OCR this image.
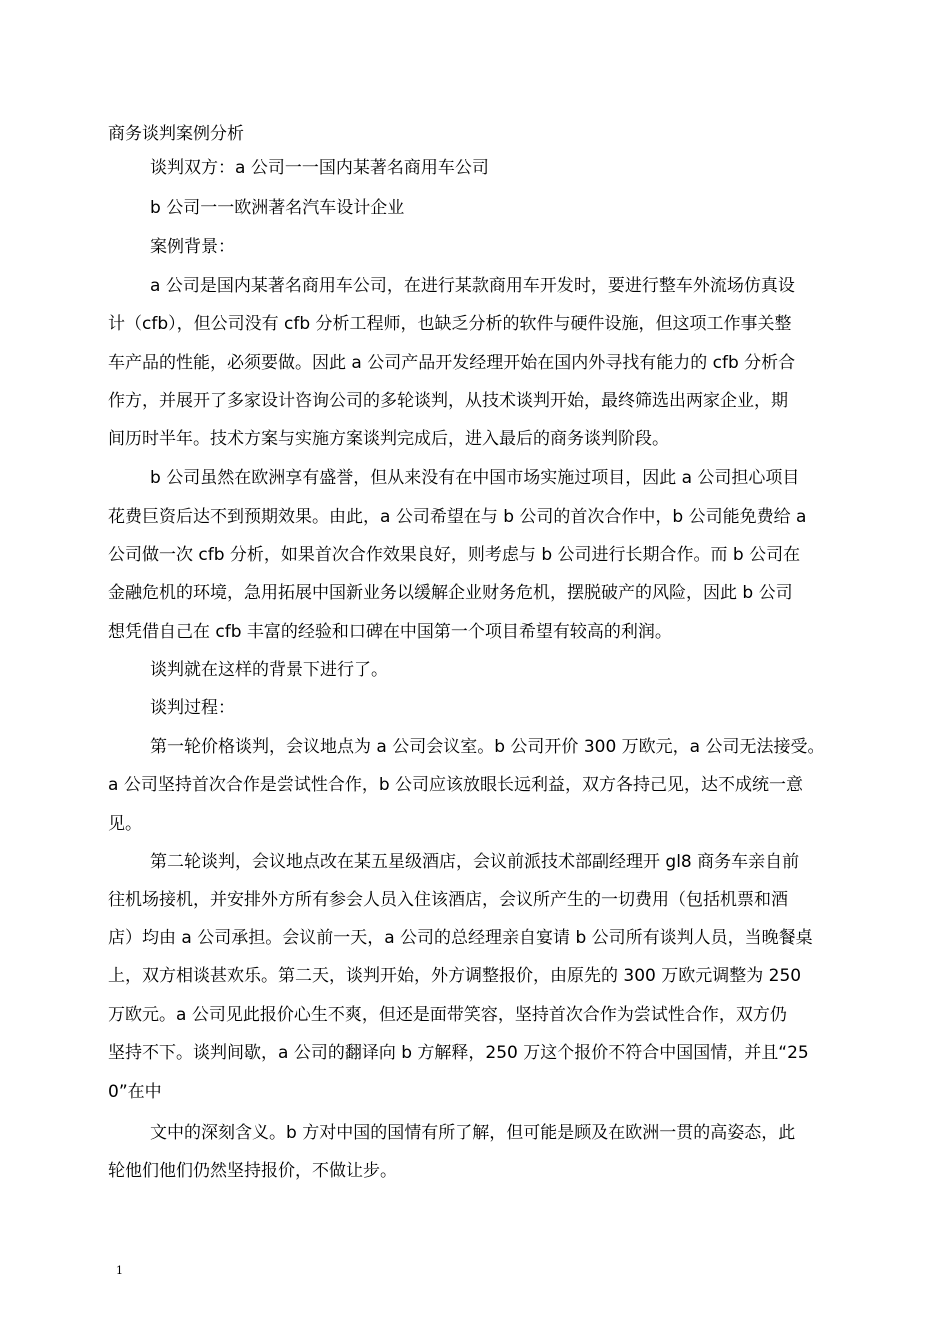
商务谈判案例分析
谈判双方：a 公司一一国内某著名商用车公司
b 公司一一欧洲著名汽车设计企业
案例背景：
a 公司是国内某著名商用车公司，在进行某款商用车开发时，要进行整车外流场仿真设
计（cfb），但公司没有 cfb 分析工程师，也缺乏分析的软件与硬件设施，但这项工作事关整
车产品的性能，必须要做。因此 a 公司产品开发经理开始在国内外寻找有能力的 cfb 分析合
作方，并展开了多家设计咨询公司的多轮谈判，从技术谈判开始，最终筛选出两家企业，期
间历时半年。技术方案与实施方案谈判完成后，进入最后的商务谈判阶段。
b 公司虽然在欧洲享有盛誉，但从来没有在中国市场实施过项目，因此 a 公司担心项目
花费巨资后达不到预期效果。由此，a 公司希望在与 b 公司的首次合作中，b 公司能免费给 a
公司做一次 cfb 分析，如果首次合作效果良好，则考虑与 b 公司进行长期合作。而 b 公司在
金融危机的环境，急用拓展中国新业务以缓解企业财务危机，摆脱破产的风险，因此 b 公司
想凭借自己在 cfb 丰富的经验和口碑在中国第一个项目希望有较高的利润。
谈判就在这样的背景下进行了。
谈判过程：
第一轮价格谈判，会议地点为 a 公司会议室。b 公司开价 300 万欧元，a 公司无法接受。
a 公司坚持首次合作是尝试性合作，b 公司应该放眼长远利益，双方各持己见，达不成统一意
见。
第二轮谈判，会议地点改在某五星级酒店，会议前派技术部副经理开 gl8 商务车亲自前
往机场接机，并安排外方所有参会人员入住该酒店，会议所产生的一切费用（包括机票和酒
店）均由 a 公司承担。会议前一天，a 公司的总经理亲自宴请 b 公司所有谈判人员，当晚餐桌
上，双方相谈甚欢乐。第二天，谈判开始，外方调整报价，由原先的 300 万欧元调整为 250
万欧元。a 公司见此报价心生不爽，但还是面带笑容，坚持首次合作为尝试性合作，双方仍
坚持不下。谈判间歇，a 公司的翻译向 b 方解释，250 万这个报价不符合中国国情，并且“25
0”在中
文中的深刻含义。b 方对中国的国情有所了解，但可能是顾及在欧洲一贯的高姿态，此
轮他们他们仍然坚持报价，不做让步。
1
